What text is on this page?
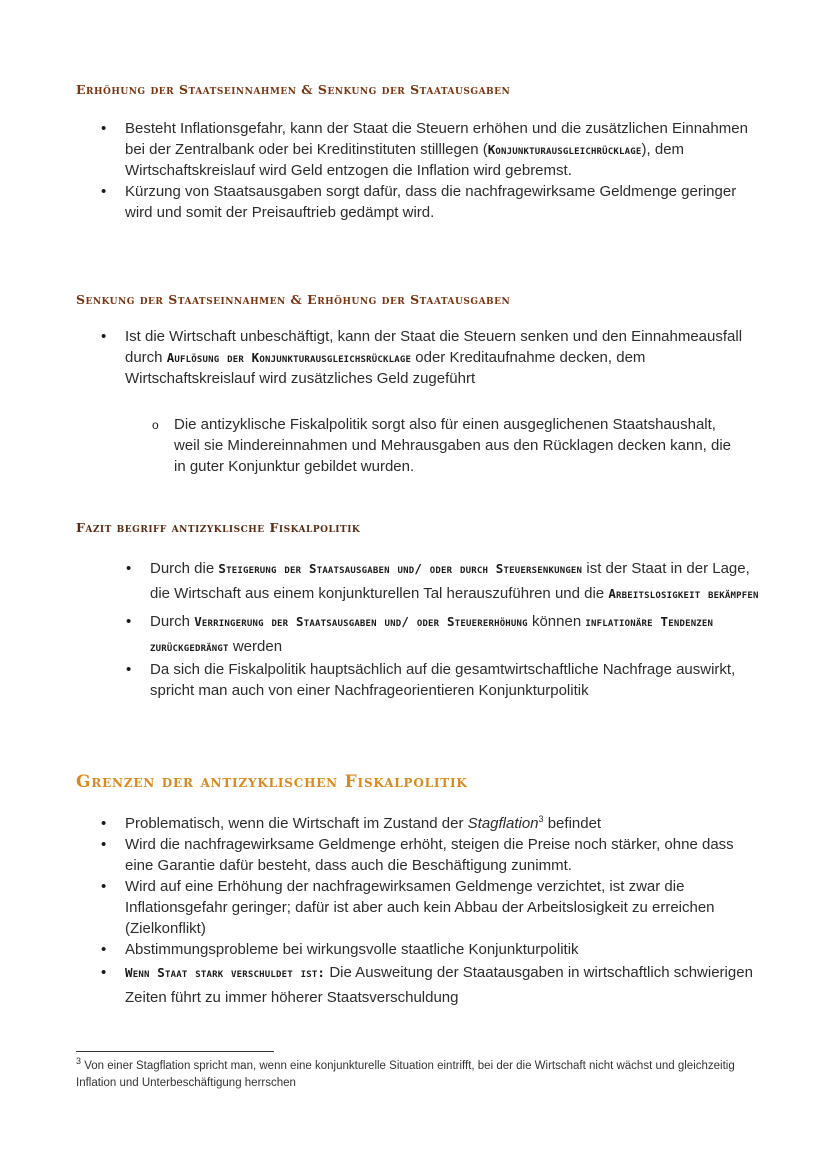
Erhöhung der Staatseinnahmen & Senkung der Staatausgaben
• Besteht Inflationsgefahr, kann der Staat die Steuern erhöhen und die zusätzlichen Einnahmen bei der Zentralbank oder bei Kreditinstituten stilllegen (Konjunkturausgleichrücklage), dem Wirtschaftskreislauf wird Geld entzogen die Inflation wird gebremst.
• Kürzung von Staatsausgaben sorgt dafür, dass die nachfragewirksame Geldmenge geringer wird und somit der Preisauftrieb gedämpt wird.
Senkung der Staatseinnahmen & Erhöhung der Staatausgaben
• Ist die Wirtschaft unbeschäftigt, kann der Staat die Steuern senken und den Einnahmeausfall durch Auflösung der Konjunkturausgleichsrücklage oder Kreditaufnahme decken, dem Wirtschaftskreislauf wird zusätzliches Geld zugeführt
o Die antizyklische Fiskalpolitik sorgt also für einen ausgeglichenen Staatshaushalt, weil sie Mindereinnahmen und Mehrausgaben aus den Rücklagen decken kann, die in guter Konjunktur gebildet wurden.
Fazit begriff antizyklische Fiskalpolitik
• Durch die Steigerung der Staatsausgaben und/ oder durch Steuersenkungen ist der Staat in der Lage, die Wirtschaft aus einem konjunkturellen Tal herauszuführen und die Arbeitslosigkeit bekämpfen
• Durch Verringerung der Staatsausgaben und/ oder Steuererhöhung können inflationäre Tendenzen zurückgedrängt werden
• Da sich die Fiskalpolitik hauptsächlich auf die gesamtwirtschaftliche Nachfrage auswirkt, spricht man auch von einer Nachfrageorientieren Konjunkturpolitik
Grenzen der antizyklischen Fiskalpolitik
• Problematisch, wenn die Wirtschaft im Zustand der Stagflation$^3$ befindet
• Wird die nachfragewirksame Geldmenge erhöht, steigen die Preise noch stärker, ohne dass eine Garantie dafür besteht, dass auch die Beschäftigung zunimmt.
• Wird auf eine Erhöhung der nachfragewirksamen Geldmenge verzichtet, ist zwar die Inflationsgefahr geringer; dafür ist aber auch kein Abbau der Arbeitslosigkeit zu erreichen (Zielkonflikt)
• Abstimmungsprobleme bei wirkungsvolle staatliche Konjunkturpolitik
• Wenn Staat stark verschuldet ist: Die Ausweitung der Staatausgaben in wirtschaftlich schwierigen Zeiten führt zu immer höherer Staatsverschuldung
$^3$ Von einer Stagflation spricht man, wenn eine konjunkturelle Situation eintrifft, bei der die Wirtschaft nicht wächst und gleichzeitig Inflation und Unterbeschäftigung herrschen
